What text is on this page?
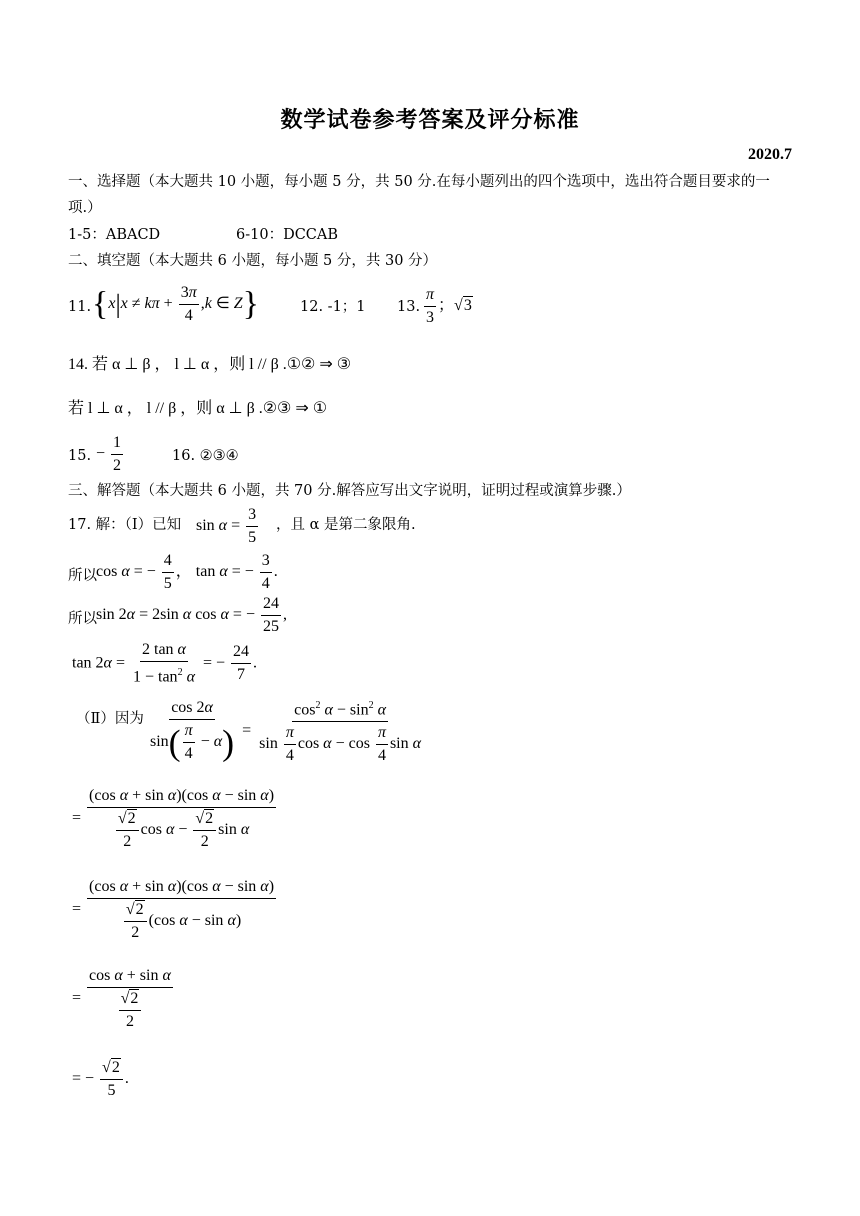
数学试卷参考答案及评分标准
2020.7
一、选择题（本大题共 10 小题，每小题 5 分，共 50 分.在每小题列出的四个选项中，选出符合题目要求的一
项.）
1-5：ABACD	6-10：DCCAB
二、填空题（本大题共 6 小题，每小题 5 分，共 30 分）
11. {$x|x \ne k\pi + \frac{3\pi}{4} ,k$ ∈ Z}	12. -1；1 13. $\frac{\pi}{3}$ ；√3
14. 若 α ⊥ β ， l ⊥ α ，则 l // β .①② ⇒ ③
若 l ⊥ α ， l // β ，则 α ⊥ β .②③ ⇒ ①
15. − $\frac{1}{2}$	16. ②③④
三、解答题（本大题共 6 小题，共 70 分.解答应写出文字说明，证明过程或演算步骤.）
17. 解：（Ⅰ）已知 $\sin \alpha = \frac{3}{5}$ ，且 α 是第二象限角.
所以 cos α = − $\frac{4}{5}$ ， tan α = − $\frac{3}{4}$ .
所以 sin 2α = 2sin α cos α = − $\frac{24}{25}$ ,
$\tan 2\alpha = \frac{\text{2 tan α}}{1 - \tan^2 \alpha}$ = − $\frac{24}{7}$ .
（Ⅱ）因为 $\frac{\cos 2\alpha}{\sin( \frac{\pi}{4} - \alpha)} = \frac{\cos^2 \alpha - \sin^2 \alpha}{\sin \frac{\pi}{4} \cos \alpha - \cos \frac{\pi}{4} \sin \alpha}$
= $\frac{\text{(cos α + sin α)(cos α − sin α)}}{\frac{√2}{2} \cos \alpha - \frac{√2}{2} \sin \alpha}$
= $\frac{\text{(cos α + sin α)(cos α − sin α)}}{\frac{√2}{2} (\cos \alpha - \sin \alpha)}$
= $\frac{\text{cos α + sin α}}{\frac{√2}{2}}$
= − $\frac{√2}{5}$ .
